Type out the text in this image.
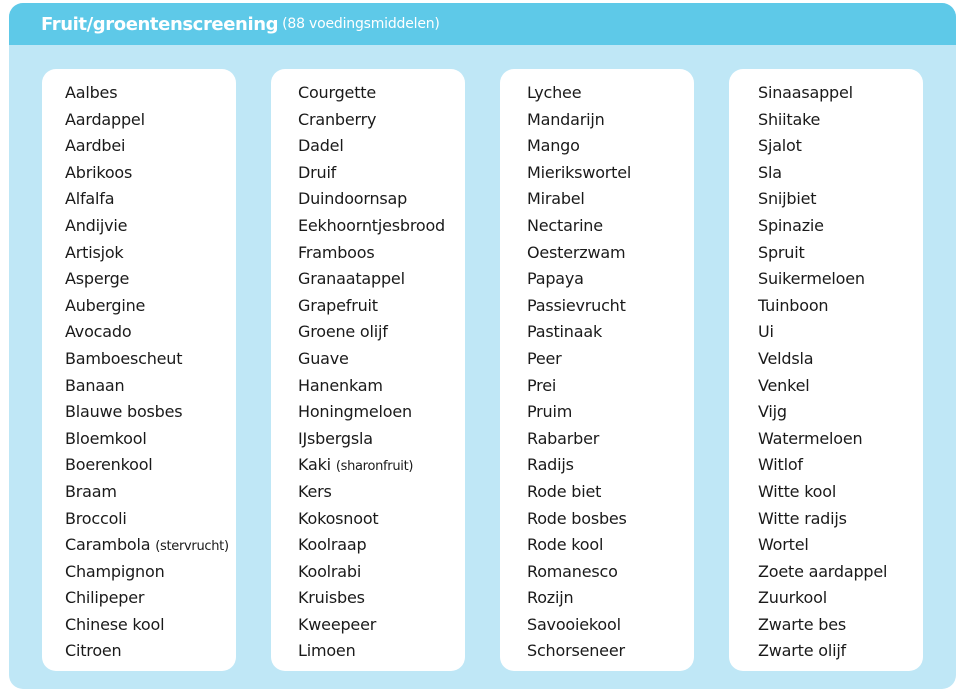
Fruit/groentenscreening (88 voedingsmiddelen)
Aalbes
Aardappel
Aardbei
Abrikoos
Alfalfa
Andijvie
Artisjok
Asperge
Aubergine
Avocado
Bamboescheut
Banaan
Blauwe bosbes
Bloemkool
Boerenkool
Braam
Broccoli
Carambola (stervrucht)
Champignon
Chilipeper
Chinese kool
Citroen
Courgette
Cranberry
Dadel
Druif
Duindoornsap
Eekhoorntjesbrood
Framboos
Granaatappel
Grapefruit
Groene olijf
Guave
Hanenkam
Honingmeloen
IJsbergsla
Kaki (sharonfruit)
Kers
Kokosnoot
Koolraap
Koolrabi
Kruisbes
Kweepeer
Limoen
Lychee
Mandarijn
Mango
Mierikswortel
Mirabel
Nectarine
Oesterzwam
Papaya
Passievrucht
Pastinaak
Peer
Prei
Pruim
Rabarber
Radijs
Rode biet
Rode bosbes
Rode kool
Romanesco
Rozijn
Savooiekool
Schorseneer
Sinaasappel
Shiitake
Sjalot
Sla
Snijbiet
Spinazie
Spruit
Suikermeloen
Tuinboon
Ui
Veldsla
Venkel
Vijg
Watermeloen
Witlof
Witte kool
Witte radijs
Wortel
Zoete aardappel
Zuurkool
Zwarte bes
Zwarte olijf
